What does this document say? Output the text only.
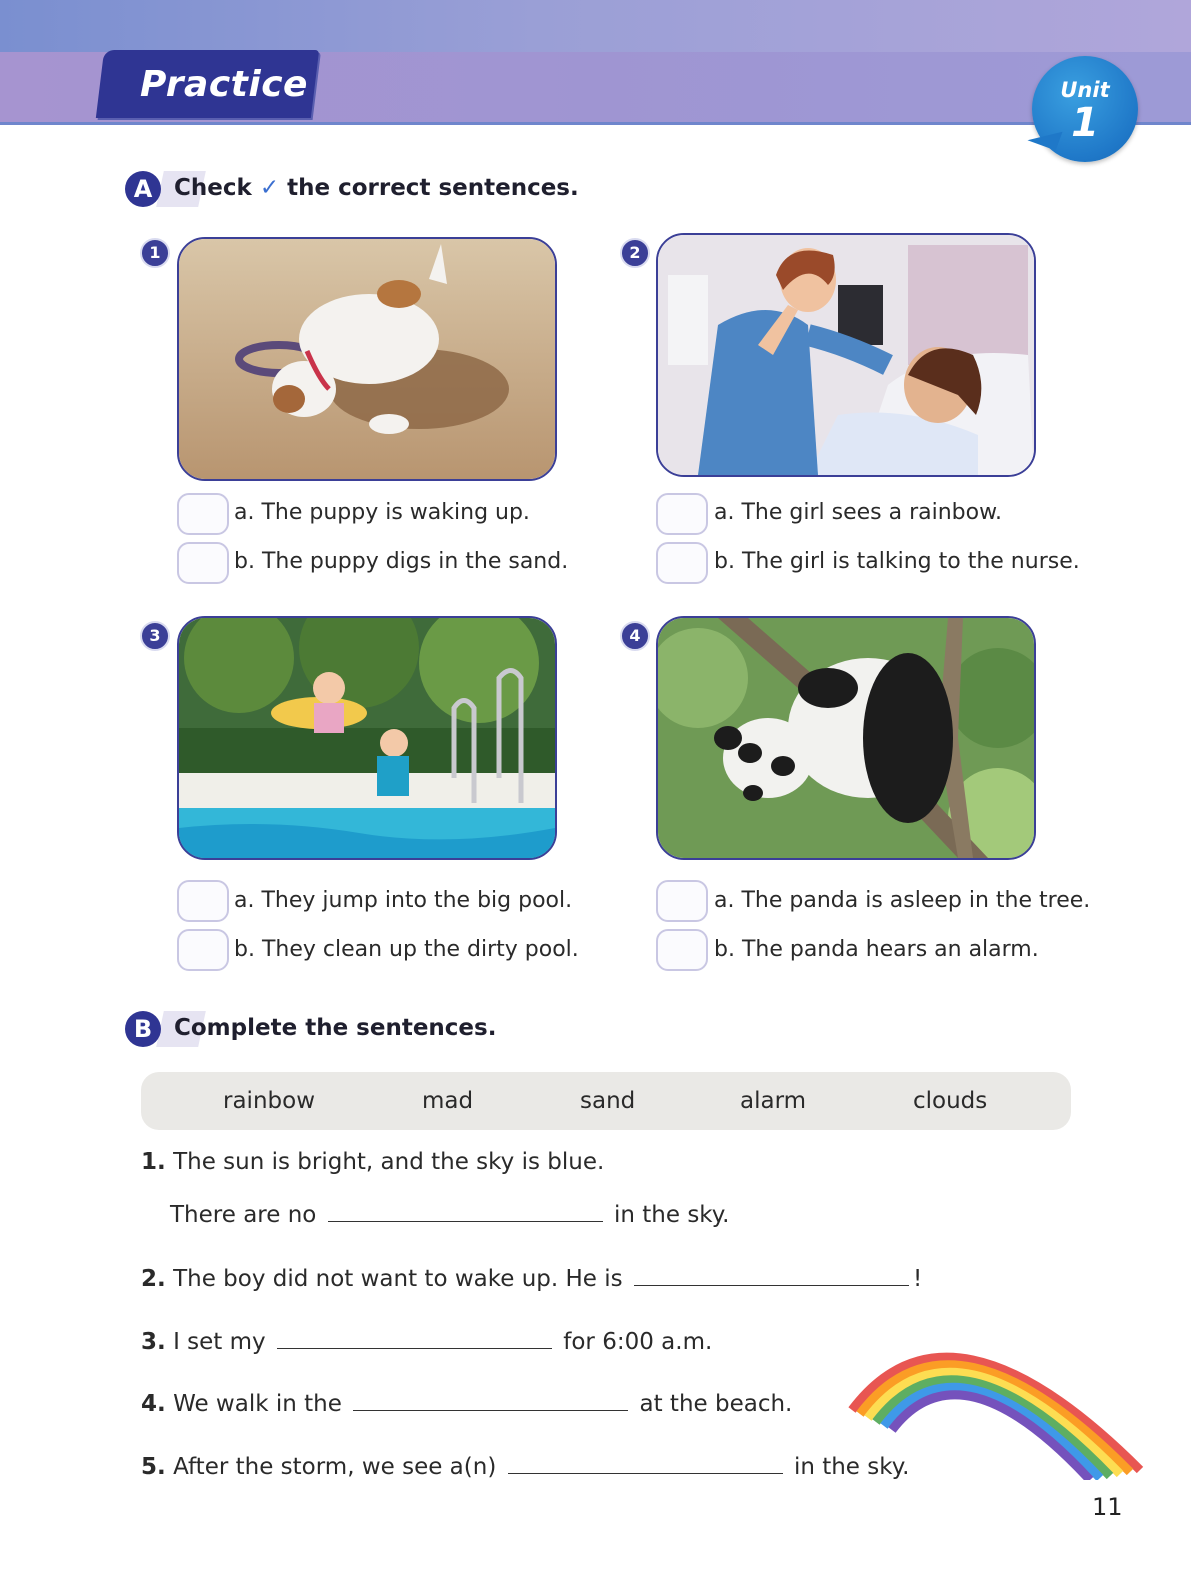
Practice	Unit
1
A Check ✓ the correct sentences.
1
a. The puppy is waking up.
b. The puppy digs in the sand.
2
a. The girl sees a rainbow.
b. The girl is talking to the nurse.
3
a. They jump into the big pool.
b. They clean up the dirty pool.
4
a. The panda is asleep in the tree.
b. The panda hears an alarm.
B Complete the sentences.
rainbow	mad	sand	alarm	clouds
1. The sun is bright, and the sky is blue.
There are no	in the sky.
2. The boy did not want to wake up. He is	!
3. I set my	for 6:00 a.m.
4. We walk in the	at the beach.
5. After the storm, we see a(n)	in the sky.
11
